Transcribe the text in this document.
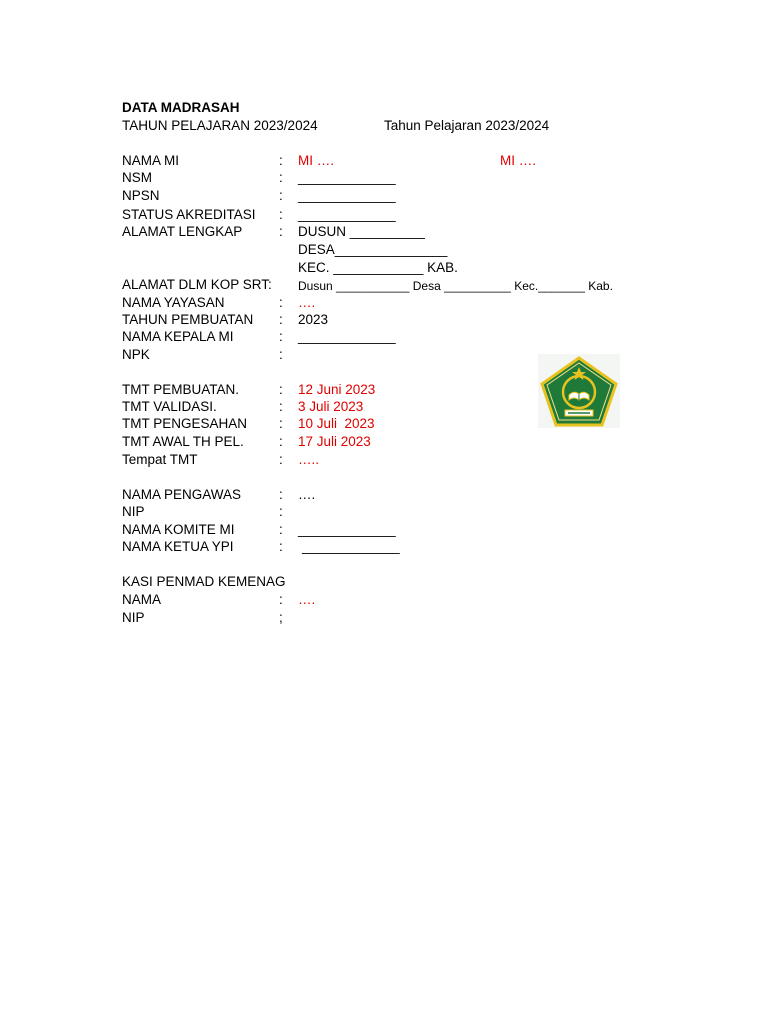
DATA MADRASAH
TAHUN PELAJARAN 2023/2024	Tahun Pelajaran 2023/2024
NAMA MI	: MI ….	MI ….
NSM	: _____________
NPSN	: _____________
STATUS AKREDITASI : _____________
ALAMAT LENGKAP	: DUSUN __________
DESA_______________
KEC. ____________ KAB.
ALAMAT DLM KOP SRT: Dusun ___________ Desa __________ Kec._______ Kab.
NAMA YAYASAN	: ….
TAHUN PEMBUATAN : 2023
NAMA KEPALA MI	: _____________
NPK	:
TMT PEMBUATAN.	: 12 Juni 2023
TMT VALIDASI.	: 3 Juli 2023
TMT PENGESAHAN : 10 Juli  2023
TMT AWAL TH PEL.	: 17 Juli 2023
Tempat TMT	: …..
NAMA PENGAWAS	: ….
NIP	:
NAMA KOMITE MI	: _____________
NAMA KETUA YPI	: _____________
KASI PENMAD KEMENAG
NAMA	: ….
NIP	;
